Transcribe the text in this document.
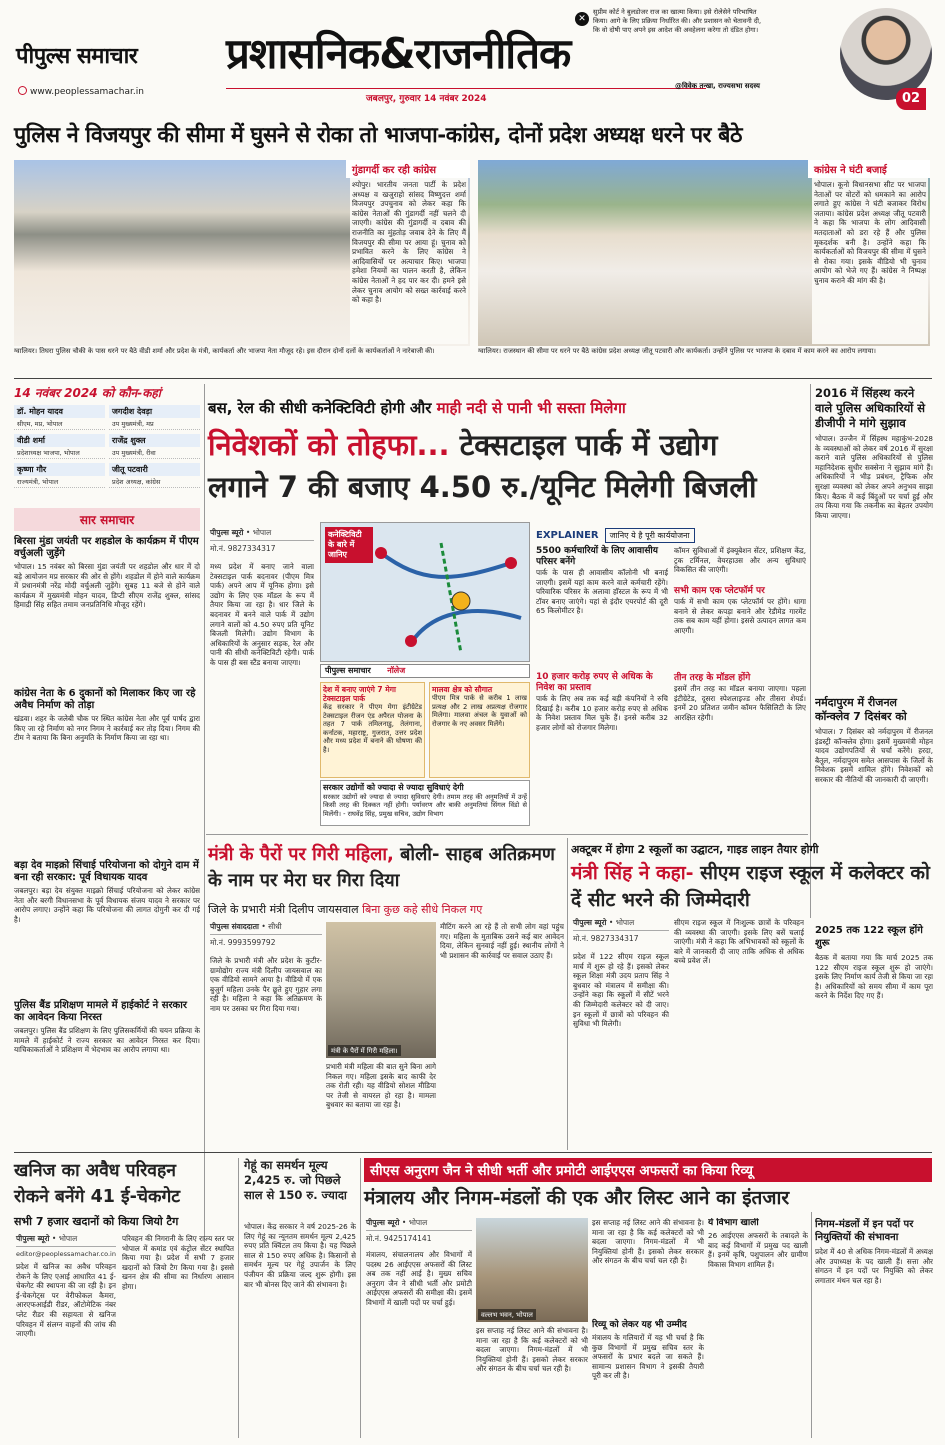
पीपुल्स समाचार
www.peoplessamachar.in
प्रशासनिक&राजनीतिक
जबलपुर, गुरुवार 14 नवंबर 2024
✕
सुप्रीम कोर्ट ने बुलडोजर राज का खात्मा किया। इसे रोलेसेने परिभाषित किया। आगे के लिए प्रक्रिया निर्धारित की। और प्रशासन को चेतावनी दी, कि वो दोषी पाए अपने इस आदेश की अवहेलना करेगा तो दंडित होगा।
@विवेक तन्खा, राज्यसभा सदस्य
02
पुलिस ने विजयपुर की सीमा में घुसने से रोका तो भाजपा-कांग्रेस, दोनों प्रदेश अध्यक्ष धरने पर बैठे
गुंडागर्दी कर रही कांग्रेस
श्योपुर। भारतीय जनता पार्टी के प्रदेश अध्यक्ष व खजुराहो सांसद विष्णुदत्त शर्मा विजयपुर उपचुनाव को लेकर कहा कि कांग्रेस नेताओं की गुंडागर्दी नहीं चलने दी जाएगी। कांग्रेस की गुंडागर्दी व दबाव की राजनीति का मुंहतोड़ जवाब देने के लिए मैं विजयपुर की सीमा पर आया हूं। चुनाव को प्रभावित करने के लिए कांग्रेस ने आदिवासियों पर अत्याचार किए। भाजपा हमेशा नियमों का पालन करती है, लेकिन कांग्रेस नेताओं ने हद पार कर दी। हमने इसे लेकर चुनाव आयोग को सख्त कार्रवाई करने को कहा है।
ग्वालियर। तिघरा पुलिस चौकी के पास धरने पर बैठे वीडी शर्मा और प्रदेश के मंत्री, कार्यकर्ता और भाजपा नेता मौजूद रहे। इस दौरान दोनों दलों के कार्यकर्ताओं ने नारेबाजी की।
कांग्रेस ने घंटी बजाई
भोपाल। कूनो विधानसभा सीट पर भाजपा नेताओं पर वोटरों को धमकाने का आरोप लगाते हुए कांग्रेस ने घंटी बजाकर विरोध जताया। कांग्रेस प्रदेश अध्यक्ष जीतू पटवारी ने कहा कि भाजपा के लोग आदिवासी मतदाताओं को डरा रहे हैं और पुलिस मूकदर्शक बनी है। उन्होंने कहा कि कार्यकर्ताओं को विजयपुर की सीमा में घुसने से रोका गया। इसके वीडियो भी चुनाव आयोग को भेजे गए हैं। कांग्रेस ने निष्पक्ष चुनाव कराने की मांग की है।
ग्वालियर। राजस्थान की सीमा पर धरने पर बैठे कांग्रेस प्रदेश अध्यक्ष जीतू पटवारी और कार्यकर्ता। उन्होंने पुलिस पर भाजपा के दबाव में काम करने का आरोप लगाया।
14 नवंबर 2024 को कौन-कहां
डॉ. मोहन यादव
सीएम, मप्र, भोपाल
जगदीश देवड़ा
उप मुख्यमंत्री, मप्र
वीडी शर्मा
प्रदेशाध्यक्ष भाजपा, भोपाल
राजेंद्र शुक्ल
उप मुख्यमंत्री, रीवा
कृष्णा गौर
राज्यमंत्री, भोपाल
जीतू पटवारी
प्रदेश अध्यक्ष, कांग्रेस
सार समाचार
बिरसा मुंडा जयंती पर शहडोल के कार्यक्रम में पीएम वर्चुअली जुड़ेंगे
भोपाल। 15 नवंबर को बिरसा मुंडा जयंती पर शहडोल और धार में दो बड़े आयोजन मप्र सरकार की ओर से होंगे। शहडोल में होने वाले कार्यक्रम में प्रधानमंत्री नरेंद्र मोदी वर्चुअली जुड़ेंगे। सुबह 11 बजे से होने वाले कार्यक्रम में मुख्यमंत्री मोहन यादव, डिप्टी सीएम राजेंद्र शुक्ल, सांसद हिमाद्री सिंह सहित तमाम जनप्रतिनिधि मौजूद रहेंगे।
कांग्रेस नेता के 6 दुकानों को मिलाकर किए जा रहे अवैध निर्माण को तोड़ा
खंडवा। शहर के जलेबी चौक पर स्थित कांग्रेस नेता और पूर्व पार्षद द्वारा किए जा रहे निर्माण को नगर निगम ने कार्रवाई कर तोड़ दिया। निगम की टीम ने बताया कि बिना अनुमति के निर्माण किया जा रहा था।
बड़ा देव माइक्रो सिंचाई परियोजना को दोगुने दाम में बना रही सरकार: पूर्व विधायक यादव
जबलपुर। बड़ा देव संयुक्त माइक्रो सिंचाई परियोजना को लेकर कांग्रेस नेता और बरगी विधानसभा के पूर्व विधायक संजय यादव ने सरकार पर आरोप लगाए। उन्होंने कहा कि परियोजना की लागत दोगुनी कर दी गई है।
पुलिस बैंड प्रशिक्षण मामले में हाईकोर्ट ने सरकार का आवेदन किया निरस्त
जबलपुर। पुलिस बैंड प्रशिक्षण के लिए पुलिसकर्मियों की चयन प्रक्रिया के मामले में हाईकोर्ट ने राज्य सरकार का आवेदन निरस्त कर दिया। याचिकाकर्ताओं ने प्रशिक्षण में भेदभाव का आरोप लगाया था।
बस, रेल की सीधी कनेक्टिविटी होगी और माही नदी से पानी भी सस्ता मिलेगा
निवेशकों को तोहफा... टेक्सटाइल पार्क में उद्योग
लगाने 7 की बजाए 4.50 रु./यूनिट मिलेगी बिजली
पीपुल्स ब्यूरो • भोपाल
मो.नं. 9827334317
मध्य प्रदेश में बनाए जाने वाला टेक्सटाइल पार्क बदनावर (पीएम मित्र पार्क) अपने आप में यूनिक होगा। इसे उद्योग के लिए एक मॉडल के रूप में तैयार किया जा रहा है। धार जिले के बदनावर में बनने वाले पार्क में उद्योग लगाने वालों को 4.50 रुपए प्रति यूनिट बिजली मिलेगी। उद्योग विभाग के अधिकारियों के अनुसार सड़क, रेल और पानी की सीधी कनेक्टिविटी रहेगी। पार्क के पास ही बस स्टैंड बनाया जाएगा।
कनेक्टिविटी के बारे में जानिए
पीपुल्स समाचार नॉलेज
देश में बनाए जाएंगे 7 मेगा टेक्सटाइल पार्क
केंद्र सरकार ने पीएम मेगा इंटीग्रेटेड टेक्सटाइल रीजन एंड अपैरल योजना के तहत 7 पार्क तमिलनाडु, तेलंगाना, कर्नाटक, महाराष्ट्र, गुजरात, उत्तर प्रदेश और मध्य प्रदेश में बनाने की घोषणा की है।
मालवा क्षेत्र को सौगात
पीएम मित्र पार्क से करीब 1 लाख प्रत्यक्ष और 2 लाख अप्रत्यक्ष रोजगार मिलेगा। मालवा अंचल के युवाओं को रोजगार के नए अवसर मिलेंगे।
सरकार उद्योगों को ज्यादा से ज्यादा सुविधाएं देगी
सरकार उद्योगों को ज्यादा से ज्यादा सुविधाएं देगी। तमाम तरह की अनुमतियों में उन्हें किसी तरह की दिक्कत नहीं होगी। पर्यावरण और बाकी अनुमतियां सिंगल विंडो से मिलेंगी। - राघवेंद्र सिंह, प्रमुख सचिव, उद्योग विभाग
EXPLAINER	जानिए ये है पूरी कार्ययोजना
5500 कर्मचारियों के लिए आवासीय परिसर बनेंगे
पार्क के पास ही आवासीय कॉलोनी भी बनाई जाएगी। इसमें यहां काम करने वाले कर्मचारी रहेंगे। परिवारिक परिसर के अलावा हॉस्टल के रूप में भी टॉवर बनाए जाएंगे। यहां से इंदौर एयरपोर्ट की दूरी 65 किलोमीटर है।
10 हजार करोड़ रुपए से अधिक के निवेश का प्रस्ताव
पार्क के लिए अब तक कई बड़ी कंपनियों ने रुचि दिखाई है। करीब 10 हजार करोड़ रुपए से अधिक के निवेश प्रस्ताव मिल चुके हैं। इनसे करीब 32 हजार लोगों को रोजगार मिलेगा।
कॉमन सुविधाओं में इंक्यूबेशन सेंटर, प्रशिक्षण केंद्र, ट्रक टर्मिनल, वेयरहाउस और अन्य सुविधाएं विकसित की जाएंगी।
सभी काम एक प्लेटफॉर्म पर
पार्क में सभी काम एक प्लेटफॉर्म पर होंगे। धागा बनाने से लेकर कपड़ा बनाने और रेडीमेड गारमेंट तक सब काम यहीं होगा। इससे उत्पादन लागत कम आएगी।
तीन तरह के मॉडल होंगे
इसमें तीन तरह का मॉडल बनाया जाएगा। पहला इंटीग्रेटेड, दूसरा स्पेशलाइज्ड और तीसरा शेयर्ड। इनमें 20 प्रतिशत जमीन कॉमन फैसिलिटी के लिए आरक्षित रहेगी।
2016 में सिंहस्थ करने वाले पुलिस अधिकारियों से डीजीपी ने मांगे सुझाव
भोपाल। उज्जैन में सिंहस्थ महाकुंभ-2028 के व्यवस्थाओं को लेकर वर्ष 2016 में सुरक्षा कराने वाले पुलिस अधिकारियों से पुलिस महानिदेशक सुधीर सक्सेना ने सुझाव मांगे हैं। अधिकारियों ने भीड़ प्रबंधन, ट्रैफिक और सुरक्षा व्यवस्था को लेकर अपने अनुभव साझा किए। बैठक में कई बिंदुओं पर चर्चा हुई और तय किया गया कि तकनीक का बेहतर उपयोग किया जाएगा।
नर्मदापुरम में रीजनल कॉन्क्लेव 7 दिसंबर को
भोपाल। 7 दिसंबर को नर्मदापुरम में रीजनल इंडस्ट्री कॉन्क्लेव होगा। इसमें मुख्यमंत्री मोहन यादव उद्योगपतियों से चर्चा करेंगे। हरदा, बैतूल, नर्मदापुरम समेत आसपास के जिलों के निवेशक इसमें शामिल होंगे। निवेशकों को सरकार की नीतियों की जानकारी दी जाएगी।
मंत्री के पैरों पर गिरी महिला, बोली- साहब अतिक्रमण के नाम पर मेरा घर गिरा दिया
जिले के प्रभारी मंत्री दिलीप जायसवाल बिना कुछ कहे सीधे निकल गए
पीपुल्स संवाददाता • सीधी
मो.नं. 9993599792
जिले के प्रभारी मंत्री और प्रदेश के कुटीर-ग्रामोद्योग राज्य मंत्री दिलीप जायसवाल का एक वीडियो सामने आया है। वीडियो में एक बुजुर्ग महिला उनके पैर छूते हुए गुहार लगा रही है। महिला ने कहा कि अतिक्रमण के नाम पर उसका घर गिरा दिया गया।
मंत्री के पैरों में गिरी महिला।
प्रभारी मंत्री महिला की बात सुने बिना आगे निकल गए। महिला इसके बाद काफी देर तक रोती रही। यह वीडियो सोशल मीडिया पर तेजी से वायरल हो रहा है। मामला बुधवार का बताया जा रहा है।
मीटिंग करने आ रहे हैं तो सभी लोग वहां पहुंच गए। महिला के मुताबिक उसने कई बार आवेदन दिया, लेकिन सुनवाई नहीं हुई। स्थानीय लोगों ने भी प्रशासन की कार्रवाई पर सवाल उठाए हैं।
अक्टूबर में होगा 2 स्कूलों का उद्घाटन, गाइड लाइन तैयार होगी
मंत्री सिंह ने कहा- सीएम राइज स्कूल में कलेक्टर को दें सीट भरने की जिम्मेदारी
पीपुल्स ब्यूरो • भोपाल
मो.नं. 9827334317
प्रदेश में 122 सीएम राइज स्कूल मार्च में शुरू हो रहे हैं। इसको लेकर स्कूल शिक्षा मंत्री उदय प्रताप सिंह ने बुधवार को मंत्रालय में समीक्षा की। उन्होंने कहा कि स्कूलों में सीटें भरने की जिम्मेदारी कलेक्टर को दी जाए। इन स्कूलों में छात्रों को परिवहन की सुविधा भी मिलेगी।
सीएम राइज स्कूल में निःशुल्क छात्रों के परिवहन की व्यवस्था की जाएगी। इसके लिए बसें चलाई जाएंगी। मंत्री ने कहा कि अभिभावकों को स्कूलों के बारे में जानकारी दी जाए ताकि अधिक से अधिक बच्चे प्रवेश लें।
2025 तक 122 स्कूल होंगे शुरू
बैठक में बताया गया कि मार्च 2025 तक 122 सीएम राइज स्कूल शुरू हो जाएंगे। इसके लिए निर्माण कार्य तेजी से किया जा रहा है। अधिकारियों को समय सीमा में काम पूरा करने के निर्देश दिए गए हैं।
खनिज का अवैध परिवहन
रोकने बनेंगे 41 ई-चेकगेट
सभी 7 हजार खदानों को किया जियो टैग
पीपुल्स ब्यूरो • भोपाल
editor@peoplessamachar.co.in
प्रदेश में खनिज का अवैध परिवहन रोकने के लिए एआई आधारित 41 ई-चेकगेट की स्थापना की जा रही है। इन ई-चेकगेट्स पर वेरीफोकल कैमरा, आरएफआईडी रीडर, ऑटोमेटिक नंबर प्लेट रीडर की सहायता से खनिज परिवहन में संलग्न वाहनों की जांच की जाएगी।
परिवहन की निगरानी के लिए राज्य स्तर पर भोपाल में कमांड एवं कंट्रोल सेंटर स्थापित किया गया है। प्रदेश में सभी 7 हजार खदानों को जियो टैग किया गया है। इससे खनन क्षेत्र की सीमा का निर्धारण आसान होगा।
गेहूं का समर्थन मूल्य 2,425 रु. जो पिछले साल से 150 रु. ज्यादा
भोपाल। केंद्र सरकार ने वर्ष 2025-26 के लिए गेहूं का न्यूनतम समर्थन मूल्य 2,425 रुपए प्रति क्विंटल तय किया है। यह पिछले साल से 150 रुपए अधिक है। किसानों से समर्थन मूल्य पर गेहूं उपार्जन के लिए पंजीयन की प्रक्रिया जल्द शुरू होगी। इस बार भी बोनस दिए जाने की संभावना है।
सीएस अनुराग जैन ने सीधी भर्ती और प्रमोटी आईएएस अफसरों का किया रिव्यू
मंत्रालय और निगम-मंडलों की एक और लिस्ट आने का इंतजार
पीपुल्स ब्यूरो • भोपाल
मो.नं. 9425174141
मंत्रालय, संचालनालय और विभागों में पदस्थ 26 आईएएस अफसरों की लिस्ट अब तक नहीं आई है। मुख्य सचिव अनुराग जैन ने सीधी भर्ती और प्रमोटी आईएएस अफसरों की समीक्षा की। इसमें विभागों में खाली पदों पर चर्चा हुई।
वल्लभ भवन, भोपाल
इस सप्ताह नई लिस्ट आने की संभावना है। माना जा रहा है कि कई कलेक्टरों को भी बदला जाएगा। निगम-मंडलों में भी नियुक्तियां होनी हैं। इसको लेकर सरकार और संगठन के बीच चर्चा चल रही है।
इस सप्ताह नई लिस्ट आने की संभावना है। माना जा रहा है कि कई कलेक्टरों को भी बदला जाएगा। निगम-मंडलों में भी नियुक्तियां होनी हैं। इसको लेकर सरकार और संगठन के बीच चर्चा चल रही है।
रिव्यू को लेकर यह भी उम्मीद
मंत्रालय के गलियारों में यह भी चर्चा है कि कुछ विभागों में प्रमुख सचिव स्तर के अफसरों के प्रभार बदले जा सकते हैं। सामान्य प्रशासन विभाग ने इसकी तैयारी पूरी कर ली है।
ये विभाग खाली
26 आईएएस अफसरों के तबादले के बाद कई विभागों में प्रमुख पद खाली हैं। इनमें कृषि, पशुपालन और ग्रामीण विकास विभाग शामिल हैं।
निगम-मंडलों में इन पदों पर नियुक्तियों की संभावना
प्रदेश में 40 से अधिक निगम-मंडलों में अध्यक्ष और उपाध्यक्ष के पद खाली हैं। सत्ता और संगठन में इन पदों पर नियुक्ति को लेकर लगातार मंथन चल रहा है।
